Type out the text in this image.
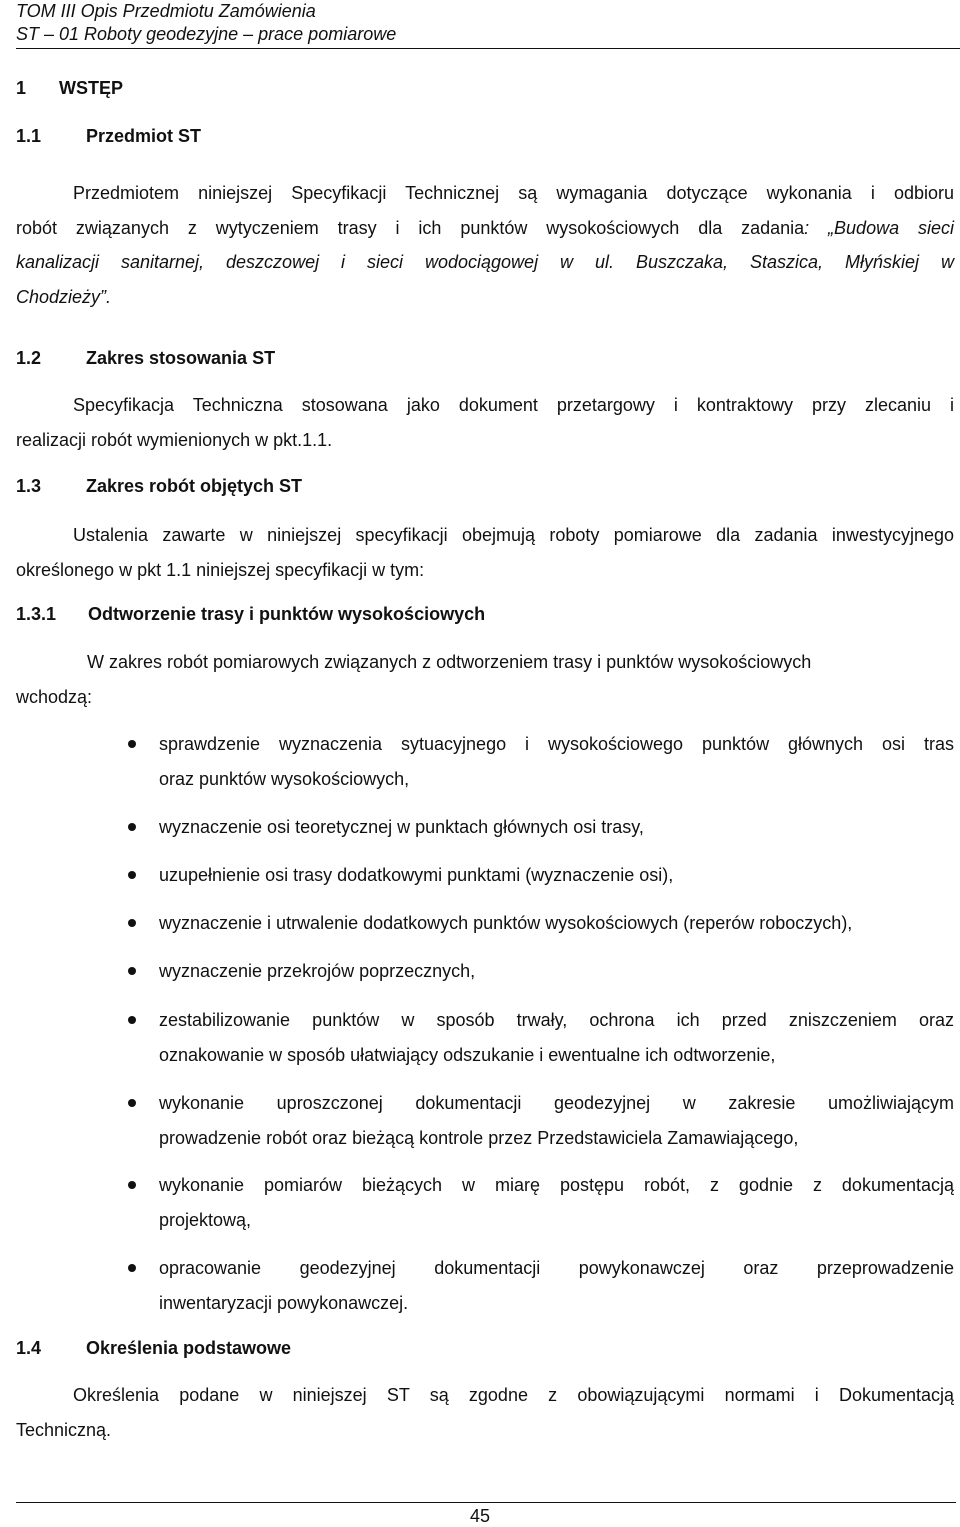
TOM III Opis Przedmiotu Zamówienia
ST – 01 Roboty geodezyjne – prace pomiarowe
1 WSTĘP
1.1 Przedmiot ST
Przedmiotem niniejszej Specyfikacji Technicznej są wymagania dotyczące wykonania i odbioru
robót związanych z wytyczeniem trasy i ich punktów wysokościowych dla zadania: „Budowa sieci
kanalizacji sanitarnej, deszczowej i sieci wodociągowej w ul. Buszczaka, Staszica, Młyńskiej w
Chodzieży”.
1.2 Zakres stosowania ST
Specyfikacja Techniczna stosowana jako dokument przetargowy i kontraktowy przy zlecaniu i
realizacji robót wymienionych w pkt.1.1.
1.3 Zakres robót objętych ST
Ustalenia zawarte w niniejszej specyfikacji obejmują roboty pomiarowe dla zadania inwestycyjnego
określonego w pkt 1.1 niniejszej specyfikacji w tym:
1.3.1 Odtworzenie trasy i punktów wysokościowych
W zakres robót pomiarowych związanych z odtworzeniem trasy i punktów wysokościowych
wchodzą:
sprawdzenie wyznaczenia sytuacyjnego i wysokościowego punktów głównych osi tras
oraz punktów wysokościowych,
wyznaczenie osi teoretycznej w punktach głównych osi trasy,
uzupełnienie osi trasy dodatkowymi punktami (wyznaczenie osi),
wyznaczenie i utrwalenie dodatkowych punktów wysokościowych (reperów roboczych),
wyznaczenie przekrojów poprzecznych,
zestabilizowanie punktów w sposób trwały, ochrona ich przed zniszczeniem oraz
oznakowanie w sposób ułatwiający odszukanie i ewentualne ich odtworzenie,
wykonanie uproszczonej dokumentacji geodezyjnej w zakresie umożliwiającym
prowadzenie robót oraz bieżącą kontrole przez Przedstawiciela Zamawiającego,
wykonanie pomiarów bieżących w miarę postępu robót, z godnie z dokumentacją
projektową,
opracowanie geodezyjnej dokumentacji powykonawczej oraz przeprowadzenie
inwentaryzacji powykonawczej.
1.4 Określenia podstawowe
Określenia podane w niniejszej ST są zgodne z obowiązującymi normami i Dokumentacją
Techniczną.
45
